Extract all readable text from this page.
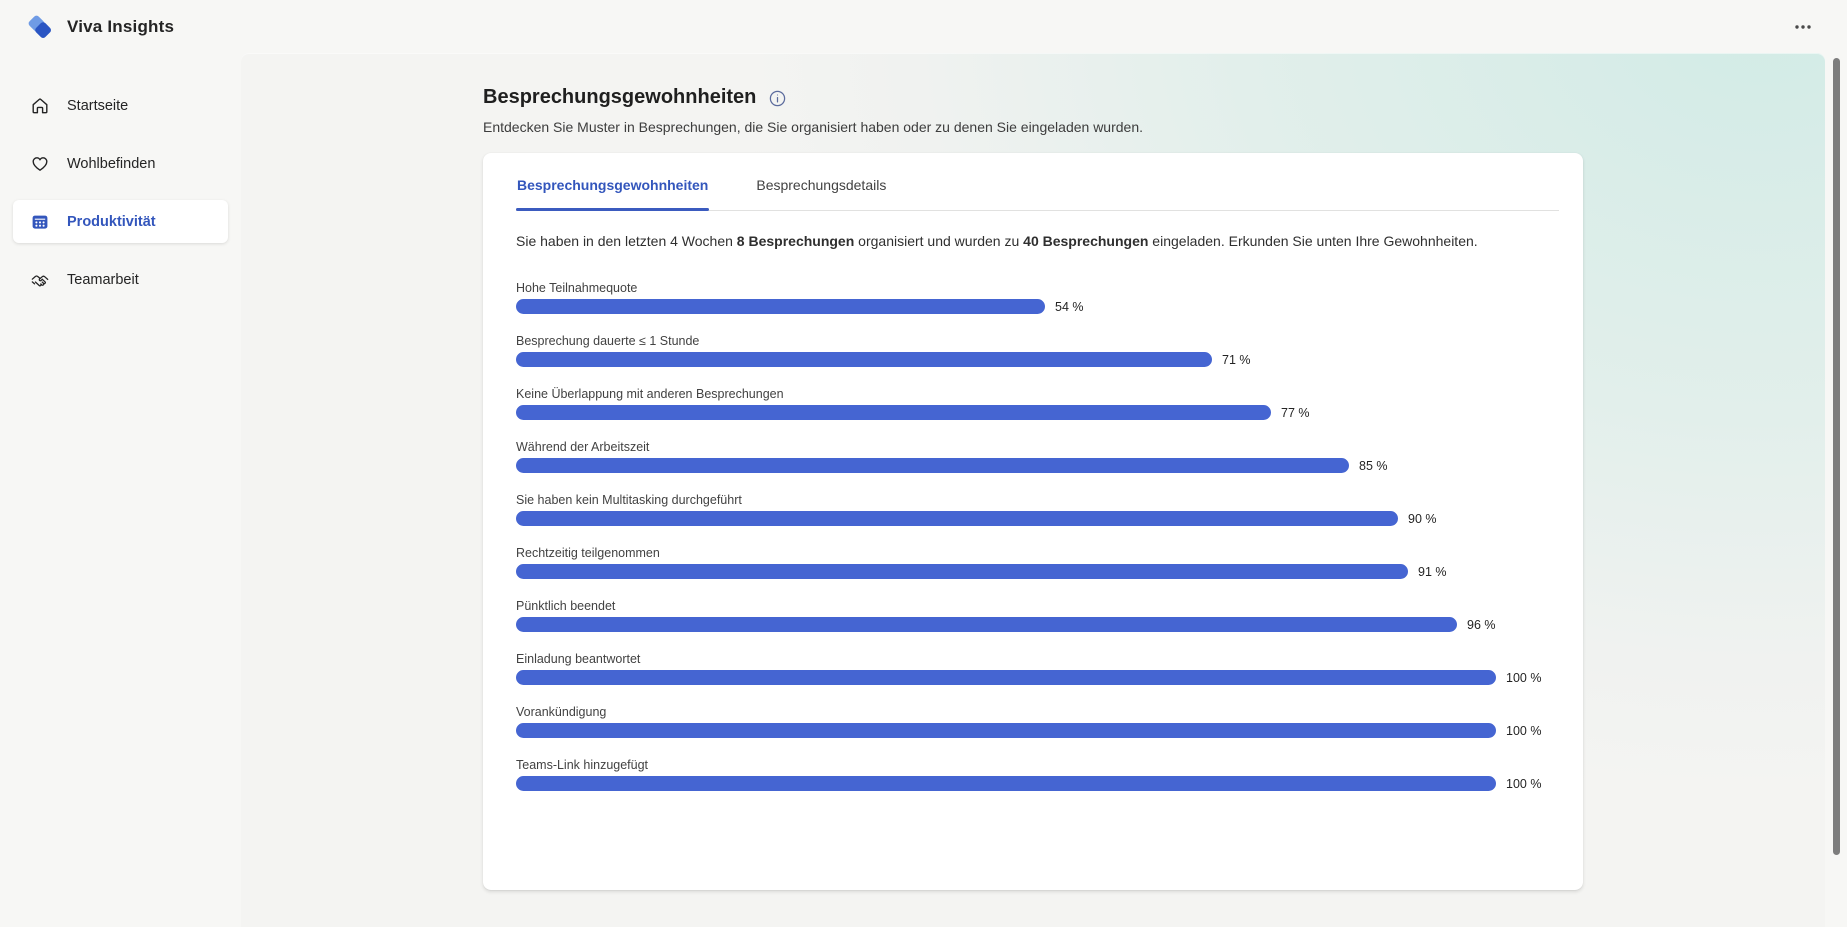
Viva Insights
Startseite
Wohlbefinden
Produktivität
Teamarbeit
Besprechungsgewohnheiten
Entdecken Sie Muster in Besprechungen, die Sie organisiert haben oder zu denen Sie eingeladen wurden.
Besprechungsgewohnheiten	Besprechungsdetails

Sie haben in den letzten 4 Wochen 8 Besprechungen organisiert und wurden zu 40 Besprechungen eingeladen. Erkunden Sie unten Ihre Gewohnheiten.

Hohe Teilnahmequote
54 %
Besprechung dauerte ≤ 1 Stunde
71 %
Keine Überlappung mit anderen Besprechungen
77 %
Während der Arbeitszeit
85 %
Sie haben kein Multitasking durchgeführt
90 %
Rechtzeitig teilgenommen
91 %
Pünktlich beendet
96 %
Einladung beantwortet
100 %
Vorankündigung
100 %
Teams-Link hinzugefügt
100 %
